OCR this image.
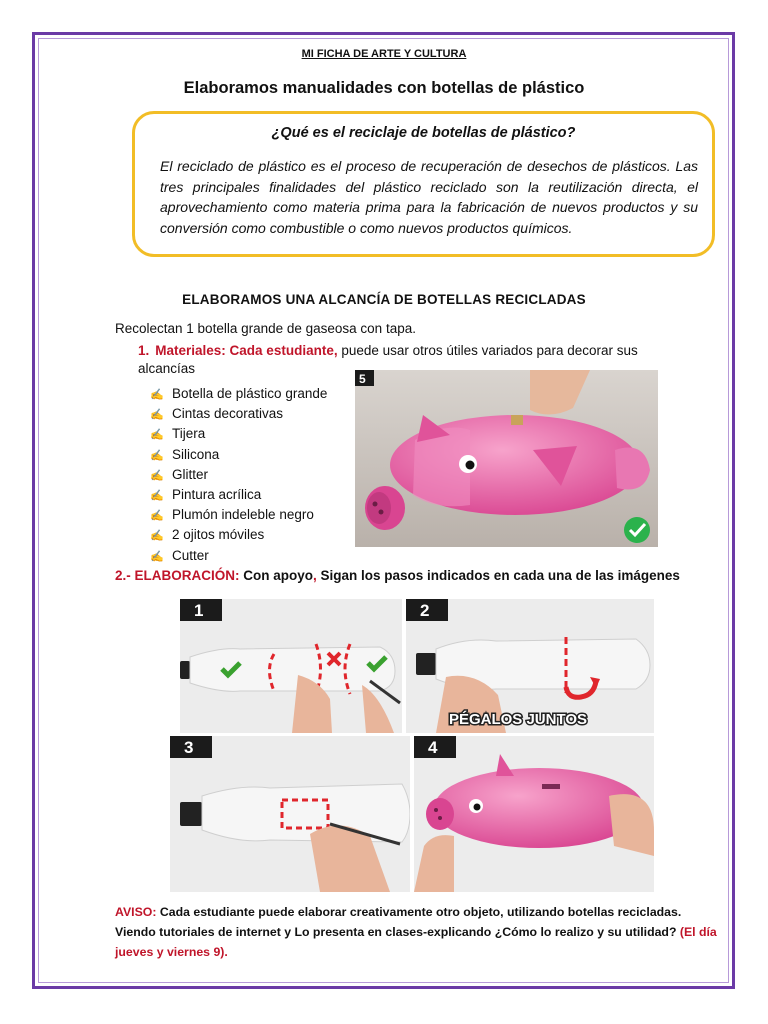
MI FICHA DE ARTE Y CULTURA
Elaboramos manualidades con botellas de plástico
¿Qué es el reciclaje de botellas de plástico?

El reciclado de plástico es el proceso de recuperación de desechos de plásticos. Las tres principales finalidades del plástico reciclado son la reutilización directa, el aprovechamiento como materia prima para la fabricación de nuevos productos y su conversión como combustible o como nuevos productos químicos.

ELABORAMOS UNA ALCANCÍA DE BOTELLAS RECICLADAS
Recolectan 1 botella grande de gaseosa con tapa.
1. Materiales: Cada estudiante, puede usar otros útiles variados para decorar sus alcancías
✍ Botella de plástico grande
✍ Cintas decorativas
✍ Tijera
✍ Silicona
✍ Glitter
✍ Pintura acrílica
✍ Plumón indeleble negro
✍ 2 ojitos móviles
✍ Cutter
5
2.- ELABORACIÓN: Con apoyo, Sigan los pasos indicados en cada una de las imágenes
1	2
PÉGALOS JUNTOS
3	4

AVISO: Cada estudiante puede elaborar creativamente otro objeto, utilizando botellas recicladas. Viendo tutoriales de internet y Lo presenta en clases-explicando ¿Cómo lo realizo y su utilidad? (El día jueves y viernes 9).
